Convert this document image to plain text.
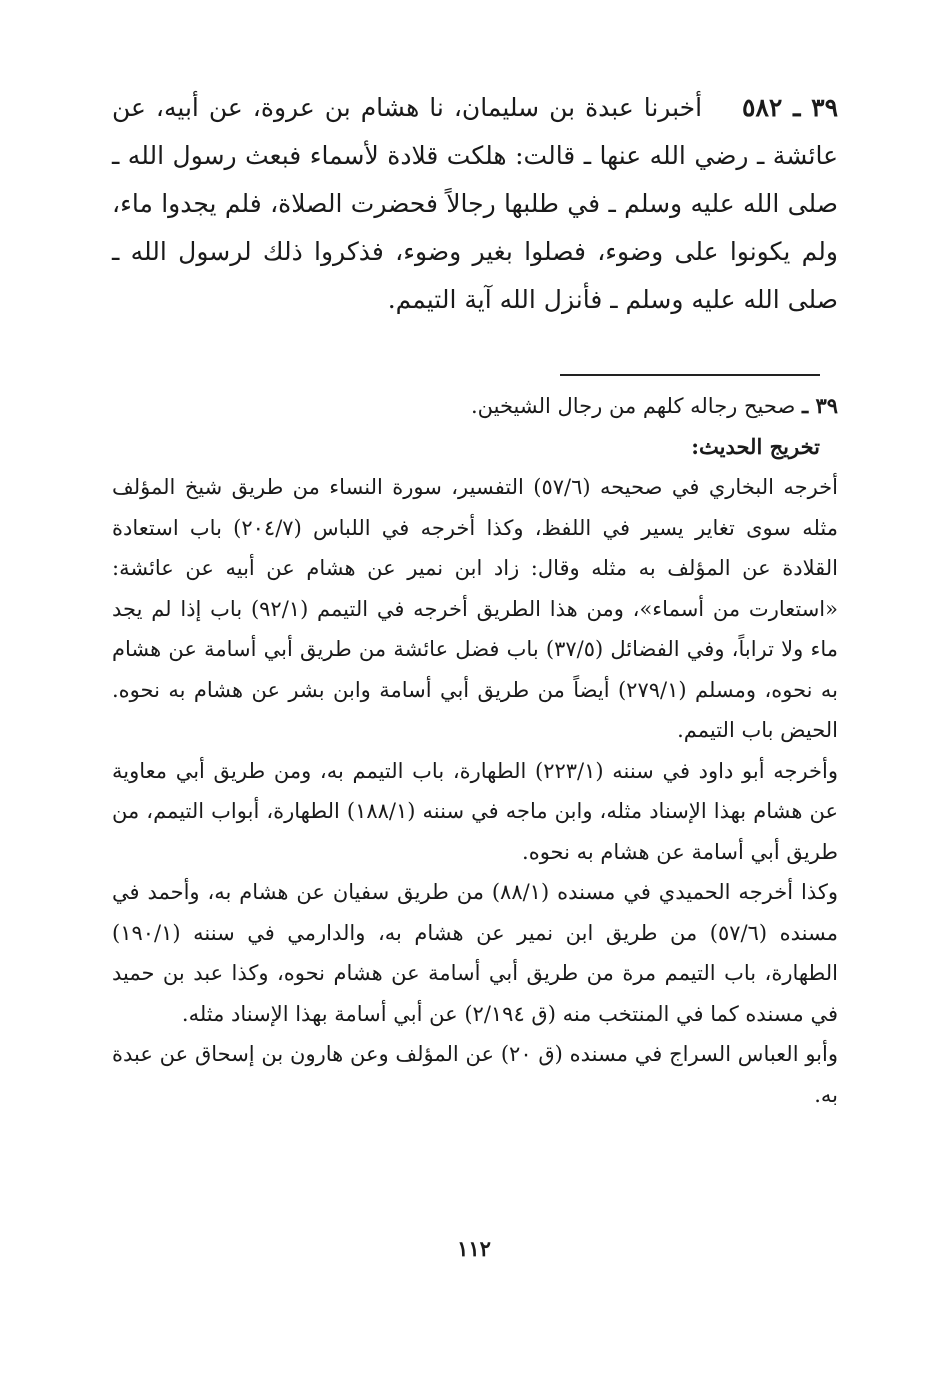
٣٩ ـ ٥٨٢    أخبرنا عبدة بن سليمان، نا هشام بن عروة، عن أبيه، عن عائشة ـ رضي الله عنها ـ قالت: هلكت قلادة لأسماء فبعث رسول الله ـ صلى الله عليه وسلم ـ في طلبها رجالاً فحضرت الصلاة، فلم يجدوا ماء، ولم يكونوا على وضوء، فصلوا بغير وضوء، فذكروا ذلك لرسول الله ـ صلى الله عليه وسلم ـ فأنزل الله آية التيمم.

٣٩ ـ صحيح رجاله كلهم من رجال الشيخين.

تخريج الحديث:

أخرجه البخاري في صحيحه (٥٧/٦) التفسير، سورة النساء من طريق شيخ المؤلف مثله سوى تغاير يسير في اللفظ، وكذا أخرجه في اللباس (٢٠٤/٧) باب استعادة القلادة عن المؤلف به مثله وقال: زاد ابن نمير عن هشام عن أبيه عن عائشة: «استعارت من أسماء»، ومن هذا الطريق أخرجه في التيمم (٩٢/١) باب إذا لم يجد ماء ولا تراباً، وفي الفضائل (٣٧/٥) باب فضل عائشة من طريق أبي أسامة عن هشام به نحوه، ومسلم (٢٧٩/١) أيضاً من طريق أبي أسامة وابن بشر عن هشام به نحوه. الحيض باب التيمم.

وأخرجه أبو داود في سننه (٢٢٣/١) الطهارة، باب التيمم به، ومن طريق أبي معاوية عن هشام بهذا الإسناد مثله، وابن ماجه في سننه (١٨٨/١) الطهارة، أبواب التيمم، من طريق أبي أسامة عن هشام به نحوه.

وكذا أخرجه الحميدي في مسنده (٨٨/١) من طريق سفيان عن هشام به، وأحمد في مسنده (٥٧/٦) من طريق ابن نمير عن هشام به، والدارمي في سننه (١٩٠/١) الطهارة، باب التيمم مرة من طريق أبي أسامة عن هشام نحوه، وكذا عبد بن حميد في مسنده كما في المنتخب منه (ق ٢/١٩٤) عن أبي أسامة بهذا الإسناد مثله.

وأبو العباس السراج في مسنده (ق ٢٠) عن المؤلف وعن هارون بن إسحاق عن عبدة به.

١١٢
